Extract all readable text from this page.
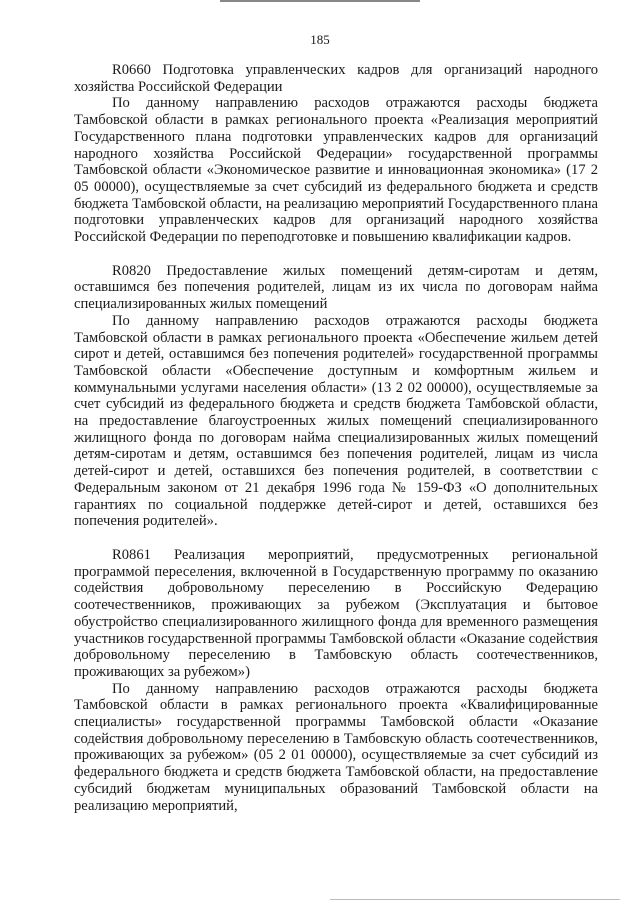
185

R0660 Подготовка управленческих кадров для организаций народного хозяйства Российской Федерации

По данному направлению расходов отражаются расходы бюджета Тамбовской области в рамках регионального проекта «Реализация мероприятий Государственного плана подготовки управленческих кадров для организаций народного хозяйства Российской Федерации» государственной программы Тамбовской области «Экономическое развитие и инновационная экономика» (17 2 05 00000), осуществляемые за счет субсидий из федерального бюджета и средств бюджета Тамбовской области, на реализацию мероприятий Государственного плана подготовки управленческих кадров для организаций народного хозяйства Российской Федерации по переподготовке и повышению квалификации кадров.

R0820 Предоставление жилых помещений детям-сиротам и детям, оставшимся без попечения родителей, лицам из их числа по договорам найма специализированных жилых помещений

По данному направлению расходов отражаются расходы бюджета Тамбовской области в рамках регионального проекта «Обеспечение жильем детей сирот и детей, оставшимся без попечения родителей» государственной программы Тамбовской области «Обеспечение доступным и комфортным жильем и коммунальными услугами населения области» (13 2 02 00000), осуществляемые за счет субсидий из федерального бюджета и средств бюджета Тамбовской области, на предоставление благоустроенных жилых помещений специализированного жилищного фонда по договорам найма специализированных жилых помещений детям-сиротам и детям, оставшимся без попечения родителей, лицам из числа детей-сирот и детей, оставшихся без попечения родителей, в соответствии с Федеральным законом от 21 декабря 1996 года № 159-ФЗ «О дополнительных гарантиях по социальной поддержке детей-сирот и детей, оставшихся без попечения родителей».

R0861 Реализация мероприятий, предусмотренных региональной программой переселения, включенной в Государственную программу по оказанию содействия добровольному переселению в Российскую Федерацию соотечественников, проживающих за рубежом (Эксплуатация и бытовое обустройство специализированного жилищного фонда для временного размещения участников государственной программы Тамбовской области «Оказание содействия добровольному переселению в Тамбовскую область соотечественников, проживающих за рубежом»)

По данному направлению расходов отражаются расходы бюджета Тамбовской области в рамках регионального проекта «Квалифицированные специалисты» государственной программы Тамбовской области «Оказание содействия добровольному переселению в Тамбовскую область соотечественников, проживающих за рубежом» (05 2 01 00000), осуществляемые за счет субсидий из федерального бюджета и средств бюджета Тамбовской области, на предоставление субсидий бюджетам муниципальных образований Тамбовской области на реализацию мероприятий,
